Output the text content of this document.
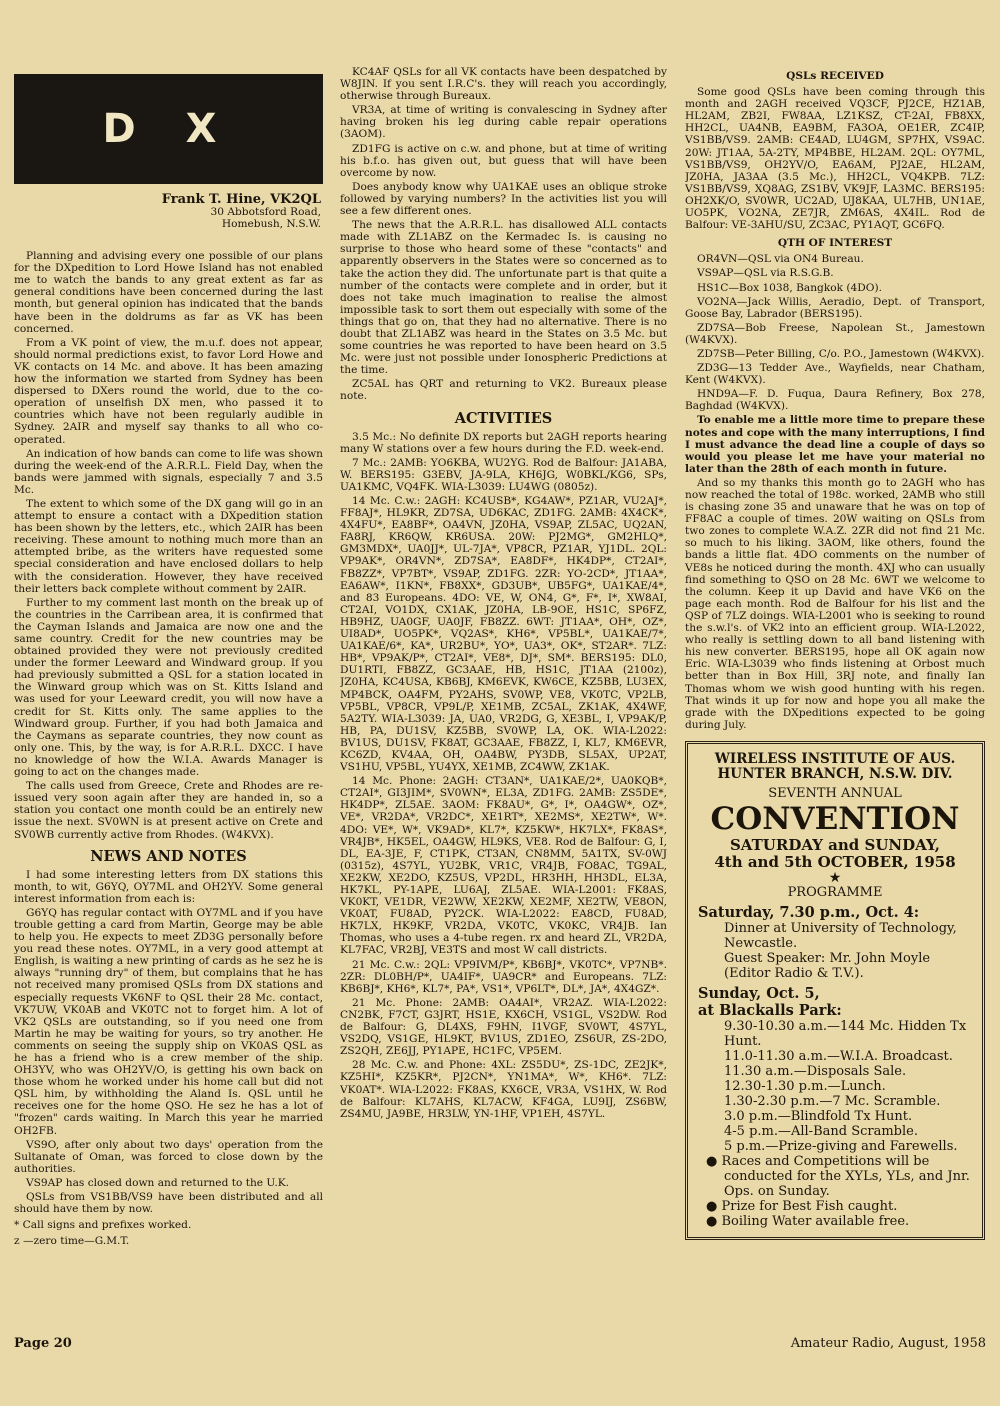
D X
Frank T. Hine, VK2QL
30 Abbotsford Road,
Homebush, N.S.W.

Planning and advising every one possible of our plans for the DXpedition to Lord Howe Island has not enabled me to watch the bands to any great extent as far as general conditions have been concerned during the last month, but general opinion has indicated that the bands have been in the doldrums as far as VK has been concerned.

From a VK point of view, the m.u.f. does not appear, should normal predictions exist, to favor Lord Howe and VK contacts on 14 Mc. and above. It has been amazing how the information we started from Sydney has been dispersed to DXers round the world, due to the co-operation of unselfish DX men, who passed it to countries which have not been regularly audible in Sydney. 2AIR and myself say thanks to all who co-operated.

An indication of how bands can come to life was shown during the week-end of the A.R.R.L. Field Day, when the bands were jammed with signals, especially 7 and 3.5 Mc.

The extent to which some of the DX gang will go in an attempt to ensure a contact with a DXpedition station has been shown by the letters, etc., which 2AIR has been receiving. These amount to nothing much more than an attempted bribe, as the writers have requested some special consideration and have enclosed dollars to help with the consideration. However, they have received their letters back complete without comment by 2AIR.

Further to my comment last month on the break up of the countries in the Carribean area, it is confirmed that the Cayman Islands and Jamaica are now one and the same country. Credit for the new countries may be obtained provided they were not previously credited under the former Leeward and Windward group. If you had previously submitted a QSL for a station located in the Winward group which was on St. Kitts Island and was used for your Leeward credit, you will now have a credit for St. Kitts only. The same applies to the Windward group. Further, if you had both Jamaica and the Caymans as separate countries, they now count as only one. This, by the way, is for A.R.R.L. DXCC. I have no knowledge of how the W.I.A. Awards Manager is going to act on the changes made.

The calls used from Greece, Crete and Rhodes are re-issued very soon again after they are handed in, so a station you contact one month could be an entirely new issue the next. SV0WN is at present active on Crete and SV0WB currently active from Rhodes. (W4KVX).

NEWS AND NOTES

I had some interesting letters from DX stations this month, to wit, G6YQ, OY7ML and OH2YV. Some general interest information from each is:

G6YQ has regular contact with OY7ML and if you have trouble getting a card from Martin, George may be able to help you. He expects to meet ZD3G personally before you read these notes. OY7ML, in a very good attempt at English, is waiting a new printing of cards as he sez he is always "running dry" of them, but complains that he has not received many promised QSLs from DX stations and especially requests VK6NF to QSL their 28 Mc. contact, VK7UW, VK0AB and VK0TC not to forget him. A lot of VK2 QSLs are outstanding, so if you need one from Martin he may be waiting for yours, so try another. He comments on seeing the supply ship on VK0AS QSL as he has a friend who is a crew member of the ship. OH3YV, who was OH2YV/O, is getting his own back on those whom he worked under his home call but did not QSL him, by withholding the Aland Is. QSL until he receives one for the home QSO. He sez he has a lot of "frozen" cards waiting. In March this year he married OH2FB.

VS9O, after only about two days' operation from the Sultanate of Oman, was forced to close down by the authorities.

VS9AP has closed down and returned to the U.K.

QSLs from VS1BB/VS9 have been distributed and all should have them by now.

* Call signs and prefixes worked.

z —zero time—G.M.T.

KC4AF QSLs for all VK contacts have been despatched by W8JIN. If you sent I.R.C's. they will reach you accordingly, otherwise through Bureaux.

VR3A, at time of writing is convalescing in Sydney after having broken his leg during cable repair operations (3AOM).

ZD1FG is active on c.w. and phone, but at time of writing his b.f.o. has given out, but guess that will have been overcome by now.

Does anybody know why UA1KAE uses an oblique stroke followed by varying numbers? In the activities list you will see a few different ones.

The news that the A.R.R.L. has disallowed ALL contacts made with ZL1ABZ on the Kermadec Is. is causing no surprise to those who heard some of these "contacts" and apparently observers in the States were so concerned as to take the action they did. The unfortunate part is that quite a number of the contacts were complete and in order, but it does not take much imagination to realise the almost impossible task to sort them out especially with some of the things that go on, that they had no alternative. There is no doubt that ZL1ABZ was heard in the States on 3.5 Mc. but some countries he was reported to have been heard on 3.5 Mc. were just not possible under Ionospheric Predictions at the time.

ZC5AL has QRT and returning to VK2. Bureaux please note.

ACTIVITIES

3.5 Mc.: No definite DX reports but 2AGH reports hearing many W stations over a few hours during the F.D. week-end.

7 Mc.: 2AMB: YO6KBA, WU2YG. Rod de Balfour: JA1ABA, W. BERS195: G3EBV, JA-9LA, KH6JG, W0BKL/KG6, SPs, UA1KMC, VQ4FK. WIA-L3039: LU4WG (0805z).

14 Mc. C.w.: 2AGH: KC4USB*, KG4AW*, PZ1AR, VU2AJ*, FF8AJ*, HL9KR, ZD7SA, UD6KAC, ZD1FG. 2AMB: 4X4CK*, 4X4FU*, EA8BF*, OA4VN, JZ0HA, VS9AP, ZL5AC, UQ2AN, FA8RJ, KR6QW, KR6USA. 20W: PJ2MG*, GM2HLQ*, GM3MDX*, UA0JJ*, UL-7JA*, VP8CR, PZ1AR, YJ1DL. 2QL: VP9AK*, OR4VN*, ZD7SA*, EA8DF*, HK4DP*, CT2AI*, FB8ZZ*, VP7BT*, VS9AP, ZD1FG. 2ZR: YO-2CD*, JT1AA*, EA6AW*, I1KN*, FB8XX*, GD3UB*, UB5FG*, UA1KAE/4*, and 83 Europeans. 4DO: VE, W, ON4, G*, F*, I*, XW8AI, CT2AI, VO1DX, CX1AK, JZ0HA, LB-9OE, HS1C, SP6FZ, HB9HZ, UA0GF, UA0JF, FB8ZZ. 6WT: JT1AA*, OH*, OZ*, UI8AD*, UO5PK*, VQ2AS*, KH6*, VP5BL*, UA1KAE/7*, UA1KAE/6*, KA*, UR2BU*, YO*, UA3*, OK*, ST2AR*. 7LZ: HB*, VP9AK/P*, CT2AI*, VE8*, DJ*, SM*. BERS195: DL0, DU1RTI, FB8ZZ, GC3AAE, HB, HS1C, JT1AA (2100z), JZ0HA, KC4USA, KB6BJ, KM6EVK, KW6CE, KZ5BB, LU3EX, MP4BCK, OA4FM, PY2AHS, SV0WP, VE8, VK0TC, VP2LB, VP5BL, VP8CR, VP9L/P, XE1MB, ZC5AL, ZK1AK, 4X4WF, 5A2TY. WIA-L3039: JA, UA0, VR2DG, G, XE3BL, I, VP9AK/P, HB, PA, DU1SV, KZ5BB, SV0WP, LA, OK. WIA-L2022: BV1US, DU1SV, FK8AT, GC3AAE, FB8ZZ, I, KL7, KM6EVR, KC6ZD, KV4AA, OH, OA4BW, PY3DB, SL5AX, UP2AT, VS1HU, VP5BL, YU4YX, XE1MB, ZC4WW, ZK1AK.

14 Mc. Phone: 2AGH: CT3AN*, UA1KAE/2*, UA0KQB*, CT2AI*, GI3JIM*, SV0WN*, EL3A, ZD1FG. 2AMB: ZS5DE*, HK4DP*, ZL5AE. 3AOM: FK8AU*, G*, I*, OA4GW*, OZ*, VE*, VR2DA*, VR2DC*, XE1RT*, XE2MS*, XE2TW*, W*. 4DO: VE*, W*, VK9AD*, KL7*, KZ5KW*, HK7LX*, FK8AS*, VR4JB*, HK5EL, OA4GW, HL9KS, VE8. Rod de Balfour: G, I, DL, EA-3JE, F, CT1PK, CT3AN, CN8MM, 5A1TX, SV-0WJ (0315z), 4S7YL, YU2BK, VR1C, VR4JB, FO8AC, TG9AL, XE2KW, XE2DO, KZ5US, VP2DL, HR3HH, HH3DL, EL3A, HK7KL, PY-1APE, LU6AJ, ZL5AE. WIA-L2001: FK8AS, VK0KT, VE1DR, VE2WW, XE2KW, XE2MF, XE2TW, VE8ON, VK0AT, FU8AD, PY2CK. WIA-L2022: EA8CD, FU8AD, HK7LX, HK9KF, VR2DA, VK0TC, VK0KC, VR4JB. Ian Thomas, who uses a 4-tube regen. rx and heard ZL, VR2DA, KL7FAC, VR2BJ, VE3TS and most W call districts.

21 Mc. C.w.: 2QL: VP9IVM/P*, KB6BJ*, VK0TC*, VP7NB*. 2ZR: DL0BH/P*, UA4IF*, UA9CR* and Europeans. 7LZ: KB6BJ*, KH6*, KL7*, PA*, VS1*, VP6LT*, DL*, JA*, 4X4GZ*.

21 Mc. Phone: 2AMB: OA4AI*, VR2AZ. WIA-L2022: CN2BK, F7CT, G3JRT, HS1E, KX6CH, VS1GL, VS2DW. Rod de Balfour: G, DL4XS, F9HN, I1VGF, SV0WT, 4S7YL, VS2DQ, VS1GE, HL9KT, BV1US, ZD1EO, ZS6UR, ZS-2DO, ZS2QH, ZE6JJ, PY1APE, HC1FC, VP5EM.

28 Mc. C.w. and Phone: 4XL: ZS5DU*, ZS-1DC, ZE2JK*, KZ5HI*, KZ5KR*, PJ2CN*, YN1MA*, W*, KH6*. 7LZ: VK0AT*. WIA-L2022: FK8AS, KX6CE, VR3A, VS1HX, W. Rod de Balfour: KL7AHS, KL7ACW, KF4GA, LU9IJ, ZS6BW, ZS4MU, JA9BE, HR3LW, YN-1HF, VP1EH, 4S7YL.

QSLs RECEIVED

Some good QSLs have been coming through this month and 2AGH received VQ3CF, PJ2CE, HZ1AB, HL2AM, ZB2I, FW8AA, LZ1KSZ, CT-2AI, FB8XX, HH2CL, UA4NB, EA9BM, FA3OA, OE1ER, ZC4IP, VS1BB/VS9. 2AMB: CE4AD, LU4GM, SP7HX, VS9AC. 20W: JT1AA, 5A-2TY, MP4BBE, HL2AM. 2QL: OY7ML, VS1BB/VS9, OH2YV/O, EA6AM, PJ2AE, HL2AM, JZ0HA, JA3AA (3.5 Mc.), HH2CL, VQ4KPB. 7LZ: VS1BB/VS9, XQ8AG, ZS1BV, VK9JF, LA3MC. BERS195: OH2XK/O, SV0WR, UC2AD, UJ8KAA, UL7HB, UN1AE, UO5PK, VO2NA, ZE7JR, ZM6AS, 4X4IL. Rod de Balfour: VE-3AHU/SU, ZC3AC, PY1AQT, GC6FQ.

QTH OF INTEREST

OR4VN—QSL via ON4 Bureau.

VS9AP—QSL via R.S.G.B.

HS1C—Box 1038, Bangkok (4DO).

VO2NA—Jack Willis, Aeradio, Dept. of Transport, Goose Bay, Labrador (BERS195).

ZD7SA—Bob Freese, Napolean St., Jamestown (W4KVX).

ZD7SB—Peter Billing, C/o. P.O., Jamestown (W4KVX).

ZD3G—13 Tedder Ave., Wayfields, near Chatham, Kent (W4KVX).

HND9A—F. D. Fuqua, Daura Refinery, Box 278, Baghdad (W4KVX).

To enable me a little more time to prepare these notes and cope with the many interruptions, I find I must advance the dead line a couple of days so would you please let me have your material no later than the 28th of each month in future.

And so my thanks this month go to 2AGH who has now reached the total of 198c. worked, 2AMB who still is chasing zone 35 and unaware that he was on top of FF8AC a couple of times. 20W waiting on QSLs from two zones to complete W.A.Z. 2ZR did not find 21 Mc. so much to his liking. 3AOM, like others, found the bands a little flat. 4DO comments on the number of VE8s he noticed during the month. 4XJ who can usually find something to QSO on 28 Mc. 6WT we welcome to the column. Keep it up David and have VK6 on the page each month. Rod de Balfour for his list and the QSP of 7LZ doings. WIA-L2001 who is seeking to round the s.w.l's. of VK2 into an efficient group. WIA-L2022, who really is settling down to all band listening with his new converter. BERS195, hope all OK again now Eric. WIA-L3039 who finds listening at Orbost much better than in Box Hill, 3RJ note, and finally Ian Thomas whom we wish good hunting with his regen. That winds it up for now and hope you all make the grade with the DXpeditions expected to be going during July.

WIRELESS INSTITUTE OF AUS.
HUNTER BRANCH, N.S.W. DIV.
SEVENTH ANNUAL
CONVENTION
SATURDAY and SUNDAY,
4th and 5th OCTOBER, 1958
★
PROGRAMME
Saturday, 7.30 p.m., Oct. 4:
Dinner at University of Technology, Newcastle.
Guest Speaker: Mr. John Moyle (Editor Radio & T.V.).
Sunday, Oct. 5,
at Blackalls Park:
9.30-10.30 a.m.—144 Mc. Hidden Tx Hunt.
11.0-11.30 a.m.—W.I.A. Broadcast.
11.30 a.m.—Disposals Sale.
12.30-1.30 p.m.—Lunch.
1.30-2.30 p.m.—7 Mc. Scramble.
3.0 p.m.—Blindfold Tx Hunt.
4-5 p.m.—All-Band Scramble.
5 p.m.—Prize-giving and Farewells.
● Races and Competitions will be conducted for the XYLs, YLs, and Jnr. Ops. on Sunday.
● Prize for Best Fish caught.
● Boiling Water available free.
Page 20	Amateur Radio, August, 1958
